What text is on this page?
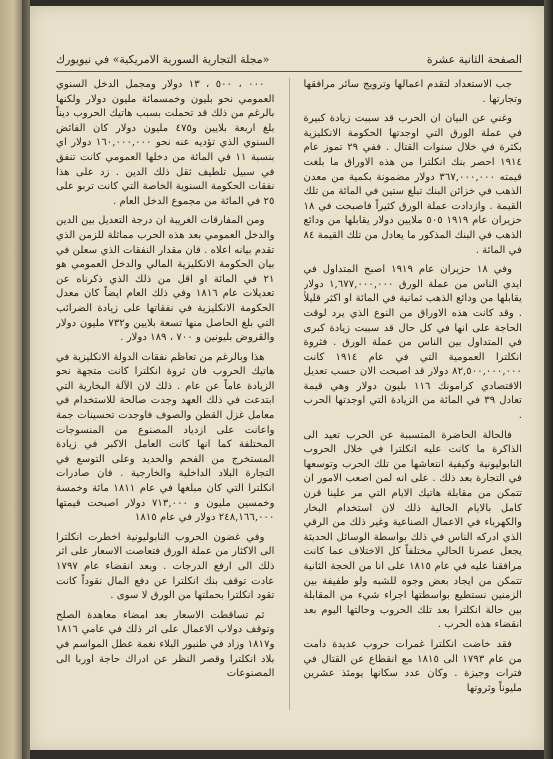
الصفحة الثانية عشرة
«مجلة التجارية السورية الامريكية» في نيويورك

جب الاستعداد لتقدم اعمالها وترويج سائر مرافقها وتجارتها .

وغني عن البيان ان الحرب قد سببت زيادة كبيرة في عملة الورق التي اوجدتها الحكومة الانكليزية بكثرة في خلال سنوات القتال . ففي ٢٩ تموز عام ١٩١٤ احصر بنك انكلترا من هذه الاوراق ما بلغت قيمته ٣٦٧,٠٠٠,٠٠٠ دولار مضمونة بكمية من معدن الذهب في خزائن البنك تبلغ ستين في المائة من تلك القيمة . وازدادت عملة الورق كثيراً فاصبحت في ١٨ حزيران عام ١٩١٩ ٥٠٥ ملايين دولار يقابلها من ودائع الذهب في البنك المذكور ما يعادل من تلك القيمة ٨٤ في المائة .

وفي ١٨ حزيران عام ١٩١٩ اصبح المتداول في ايدي الناس من عملة الورق ١,٦٧٧,٠٠٠,٠٠٠ دولار يقابلها من ودائع الذهب ثمانية في المائة او اكثر قليلاً . وقد كانت هذه الاوراق من النوع الذي يرد لوقت الحاجة على انها في كل حال قد سببت زيادة كبرى في المتداول بين الناس من عملة الورق . فثروة انكلترا العمومية التي في عام ١٩١٤ كانت ٨٢,٥٠٠,٠٠٠,٠٠٠ دولار قد اصبحت الان حسب تعديل الاقتصادي كرامونك ١١٦ بليون دولار وهي قيمة تعادل ٣٩ في المائة من الزيادة التي اوجدتها الحرب .

فالحالة الحاضرة المتسببة عن الحرب تعيد الى الذاكرة ما كانت عليه انكلترا في خلال الحروب النابوليونية وكيفية انتعاشها من تلك الحرب وتوسعها في التجارة بعد ذلك . على انه لمن اصعب الامور ان تتمكن من مقابلة هاتيك الايام التي مر علينا قرن كامل بالايام الحالية ذلك لان استخدام البخار والكهرباء في الاعمال الصناعية وغير ذلك من الرقي الذي ادركه الناس في ذلك بواسطة الوسائل الحديثة يجعل عصرنا الحالي مختلفاً كل الاختلاف عما كانت مرافقنا عليه في عام ١٨١٥ على انا من الحجة الثانية تتمكن من ايجاد بعض وجوه للشبه ولو طفيفة بين الزمنين نستطيع بواسطتها اجراء شيء من المقابلة بين حالة انكلترا بعد تلك الحروب وحالتها اليوم بعد انقضاء هذه الحرب .

فقد خاضت انكلترا غمرات حروب عديدة دامت من عام ١٧٩٣ الى ١٨١٥ مع انقطاع عن القتال في فترات وجيزة . وكان عدد سكانها يومئذ عشرين مليوناً وثروتها

٠٠٠ ، ٥٠٠ ، ١٣ دولار ومجمل الدخل السنوي العمومي نحو بليون وخمسمائة مليون دولار ولكنها بالرغم من ذلك قد تحملت بسبب هاتيك الحروب ديناً بلغ اربعة بلايين و٤٧٥ مليون دولار كان الفائض السنوي الذي تؤديه عنه نحو ١٦٠,٠٠٠,٠٠٠ دولار اي بنسبة ١١ في المائة من دخلها العمومي كانت تنفق في سبيل تلطيف ثقل ذلك الدين . زد على هذا نفقات الحكومة السنوية الخاصة التي كانت تربو على ٢٥ في المائة من مجموع الدخل العام .

ومن المفارقات الغريبة ان درجة التعديل بين الدين والدخل العمومي بعد هذه الحرب مماثلة للزمن الذي تقدم بيانه اعلاه . فان مقدار النفقات الذي سعلن في بيان الحكومة الانكليزية المالي والدخل العمومي هو ٢١ في المائة او اقل من ذلك الذي ذكرناه عن تعديلات عام ١٨١٦ وفي ذلك العام ايضاً كان معدل الحكومة الانكليزية في نفقاتها على زيادة الضرائب التي بلغ الحاصل منها تسعة بلايين و٧٣٢ مليون دولار والقروض بليونين و ٧٠٠ ، ١٨٩ دولار .

هذا وبالرغم من تعاظم نفقات الدولة الانكليزية في هاتيك الحروب فان ثروة انكلترا كانت متجهة نحو الزيادة عاماً عن عام . ذلك لان الآلة البخارية التي ابتدعت في ذلك العهد وجدت صالحة للاستخدام في معامل غزل القطن والصوف فاوجدت تحسينات جمة واعانت على ازدياد المصنوع من المنسوجات المختلفة كما انها كانت العامل الاكبر في زيادة المستخرج من الفحم والحديد وعلى التوسع في التجارة البلاد الداخلية والخارجية . فان صادرات انكلترا التي كان مبلغها في عام ١٨١١ مائة وخمسة وخمسين مليون و ٧١٣,٠٠٠ دولار اصبحت قيمتها ٢٤٨,١٦٦,٠٠٠ دولار في عام ١٨١٥

وفي غضون الحروب النابوليونية اخطرت انكلترا الى الاكثار من عملة الورق فتعاصت الاسعار على اثر ذلك الى ارفع الدرجات . وبعد انقضاء عام ١٧٩٧ عادت توقف بنك انكلترا عن دفع المال نقوداً كانت تقود انكلترا بحملتها من الورق لا سوى .

ثم تساقطت الاسعار بعد امضاء معاهدة الصلح وتوقف دولاب الاعمال على اثر ذلك في عامي ١٨١٦ و١٨١٧ وزاد في طنبور البلاء نغمة عطل المواسم في بلاد انكلترا وقصر النظر عن ادراك حاجة اوربا الى المصنوعات
